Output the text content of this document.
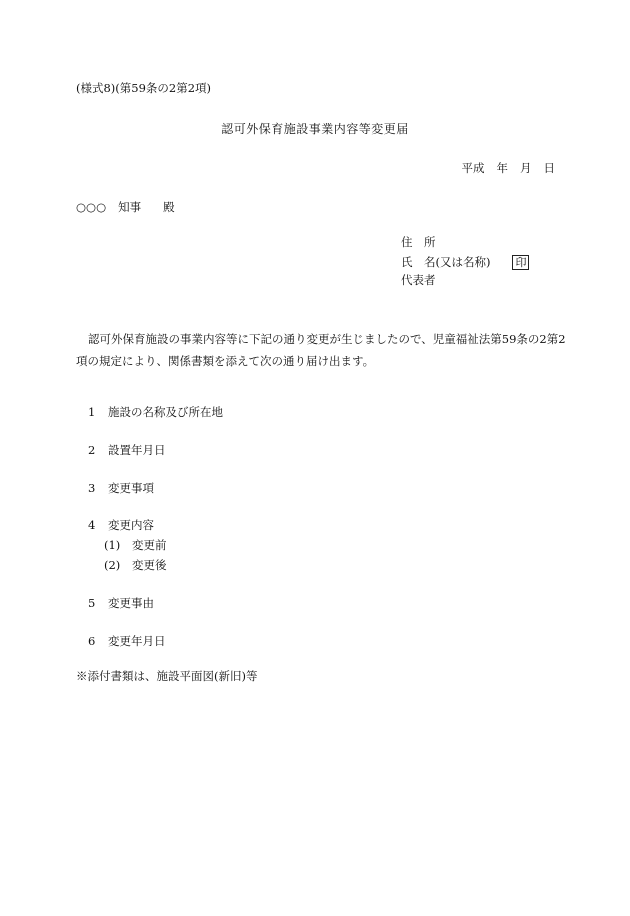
(様式8)(第59条の2第2項)
認可外保育施設事業内容等変更届
平成 年 月 日
○○○ 知事 殿
住　所
氏　名(又は名称) 印
代表者
認可外保育施設の事業内容等に下記の通り変更が生じましたので、児童福祉法第59条の2第2項の規定により、関係書類を添えて次の通り届け出ます。
1 施設の名称及び所在地
2 設置年月日
3 変更事項
4 変更内容
(1) 変更前
(2) 変更後
5 変更事由
6 変更年月日
※添付書類は、施設平面図(新旧)等
